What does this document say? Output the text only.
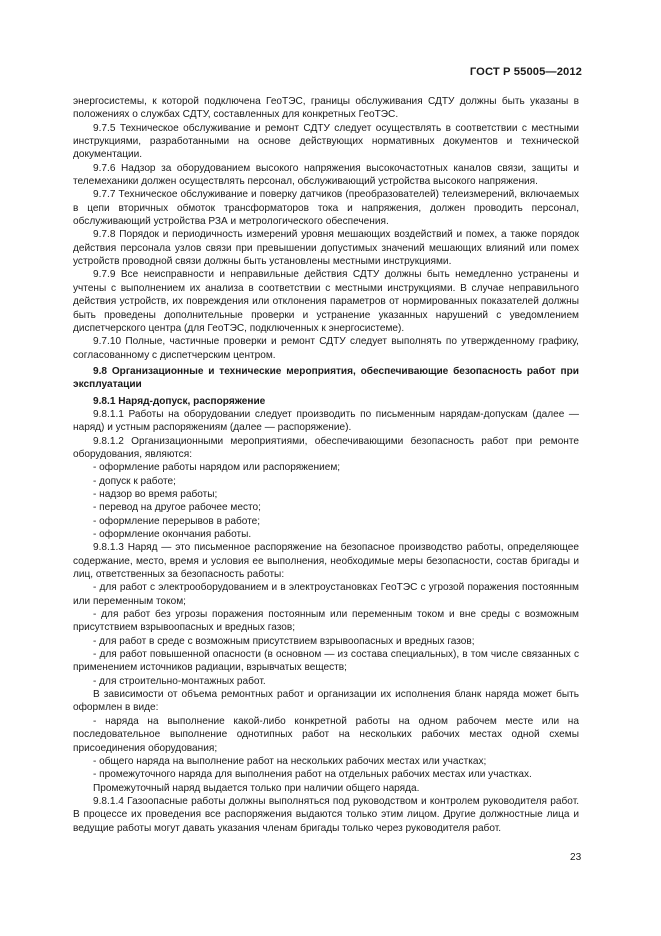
ГОСТ Р 55005—2012

энергосистемы, к которой подключена ГеоТЭС, границы обслуживания СДТУ должны быть указаны в положениях о службах СДТУ, составленных для конкретных ГеоТЭС.

9.7.5 Техническое обслуживание и ремонт СДТУ следует осуществлять в соответствии с местными инструкциями, разработанными на основе действующих нормативных документов и технической документации.

9.7.6 Надзор за оборудованием высокого напряжения высокочастотных каналов связи, защиты и телемеханики должен осуществлять персонал, обслуживающий устройства высокого напряжения.

9.7.7 Техническое обслуживание и поверку датчиков (преобразователей) телеизмерений, включаемых в цепи вторичных обмоток трансформаторов тока и напряжения, должен проводить персонал, обслуживающий устройства РЗА и метрологического обеспечения.

9.7.8 Порядок и периодичность измерений уровня мешающих воздействий и помех, а также порядок действия персонала узлов связи при превышении допустимых значений мешающих влияний или помех устройств проводной связи должны быть установлены местными инструкциями.

9.7.9 Все неисправности и неправильные действия СДТУ должны быть немедленно устранены и учтены с выполнением их анализа в соответствии с местными инструкциями. В случае неправильного действия устройств, их повреждения или отклонения параметров от нормированных показателей должны быть проведены дополнительные проверки и устранение указанных нарушений с уведомлением диспетчерского центра (для ГеоТЭС, подключенных к энергосистеме).

9.7.10 Полные, частичные проверки и ремонт СДТУ следует выполнять по утвержденному графику, согласованному с диспетчерским центром.

9.8 Организационные и технические мероприятия, обеспечивающие безопасность работ при эксплуатации

9.8.1 Наряд-допуск, распоряжение

9.8.1.1 Работы на оборудовании следует производить по письменным нарядам-допускам (далее — наряд) и устным распоряжениям (далее — распоряжение).

9.8.1.2 Организационными мероприятиями, обеспечивающими безопасность работ при ремонте оборудования, являются:

- оформление работы нарядом или распоряжением;

- допуск к работе;

- надзор во время работы;

- перевод на другое рабочее место;

- оформление перерывов в работе;

- оформление окончания работы.

9.8.1.3 Наряд — это письменное распоряжение на безопасное производство работы, определяющее содержание, место, время и условия ее выполнения, необходимые меры безопасности, состав бригады и лиц, ответственных за безопасность работы:

- для работ с электрооборудованием и в электроустановках ГеоТЭС с угрозой поражения постоянным или переменным током;

- для работ без угрозы поражения постоянным или переменным током и вне среды с возможным присутствием взрывоопасных и вредных газов;

- для работ в среде с возможным присутствием взрывоопасных и вредных газов;

- для работ повышенной опасности (в основном — из состава специальных), в том числе связанных с применением источников радиации, взрывчатых веществ;

- для строительно-монтажных работ.

В зависимости от объема ремонтных работ и организации их исполнения бланк наряда может быть оформлен в виде:

- наряда на выполнение какой-либо конкретной работы на одном рабочем месте или на последовательное выполнение однотипных работ на нескольких рабочих местах одной схемы присоединения оборудования;

- общего наряда на выполнение работ на нескольких рабочих местах или участках;

- промежуточного наряда для выполнения работ на отдельных рабочих местах или участках.

Промежуточный наряд выдается только при наличии общего наряда.

9.8.1.4 Газоопасные работы должны выполняться под руководством и контролем руководителя работ. В процессе их проведения все распоряжения выдаются только этим лицом. Другие должностные лица и ведущие работы могут давать указания членам бригады только через руководителя работ.

23
